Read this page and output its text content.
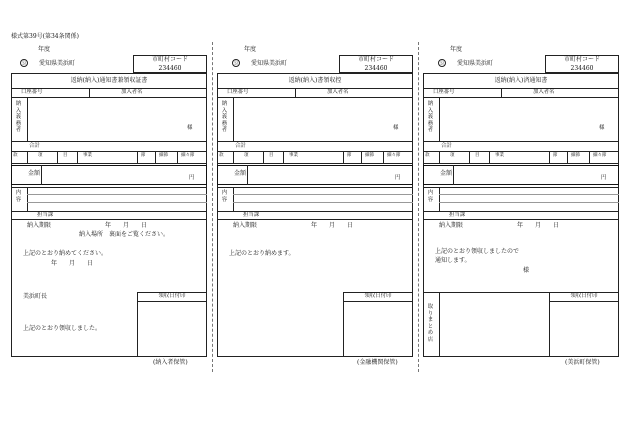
様式第39号(第34条関係)
年度
公 愛知県美浜町
市町村コード
234460
返納(納入)通知書兼領収証書
口座番号	加入者名
納入義務者	様
合計
款	項	目	事業	節	細節	細々節
金額
円
内容
担当課
納入期限	年　　月　　日
納入場所　裏面をご覧ください。
上記のとおり納めてください。
年　　月　　日
領収日付印
美浜町長
上記のとおり領収しました。
(納入者保管)
年度
公 愛知県美浜町
市町村コード
234460
返納(納入)書領収控
口座番号	加入者名
納入義務者	様
合計
款	項	目	事業	節	細節	細々節
金額
円
内容
担当課
納入期限	年　　月　　日
上記のとおり納めます。
領収日付印
(金融機関保管)
年度
公 愛知県美浜町
市町村コード
234460
返納(納入)済通知書
口座番号	加入者名
納入義務者	様
合計
款	項	目	事業	節	細節	細々節
金額
円
内容
担当課
納入期限	年　　月　　日
上記のとおり領収しましたので
通知します。
様
取りまとめ店
領収日付印
(美浜町保管)
